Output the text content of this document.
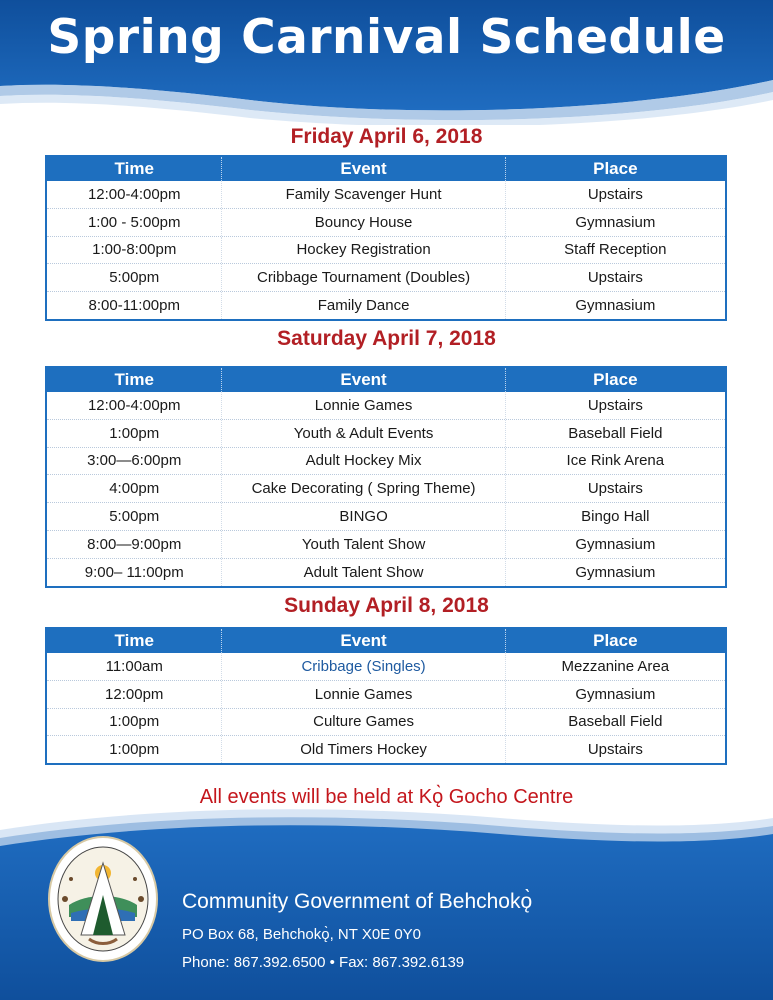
Spring Carnival Schedule
Friday April 6, 2018
Time	Event	Place
12:00-4:00pm	Family Scavenger Hunt	Upstairs
1:00 - 5:00pm	Bouncy House	Gymnasium
1:00-8:00pm	Hockey Registration	Staff Reception
5:00pm	Cribbage Tournament (Doubles)	Upstairs
8:00-11:00pm	Family Dance	Gymnasium
Saturday April 7, 2018
Time	Event	Place
12:00-4:00pm	Lonnie Games	Upstairs
1:00pm	Youth & Adult Events	Baseball Field
3:00—6:00pm	Adult Hockey Mix	Ice Rink Arena
4:00pm	Cake Decorating ( Spring Theme)	Upstairs
5:00pm	BINGO	Bingo Hall
8:00—9:00pm	Youth Talent Show	Gymnasium
9:00– 11:00pm	Adult Talent Show	Gymnasium
Sunday April 8, 2018
Time	Event	Place
11:00am	Cribbage (Singles)	Mezzanine Area
12:00pm	Lonnie Games	Gymnasium
1:00pm	Culture Games	Baseball Field
1:00pm	Old Timers Hockey	Upstairs
All events will be held at Kǫ̀ Gocho Centre
Community Government of Behchokǫ̀
PO Box 68, Behchokǫ̀, NT X0E 0Y0
Phone: 867.392.6500 • Fax: 867.392.6139
